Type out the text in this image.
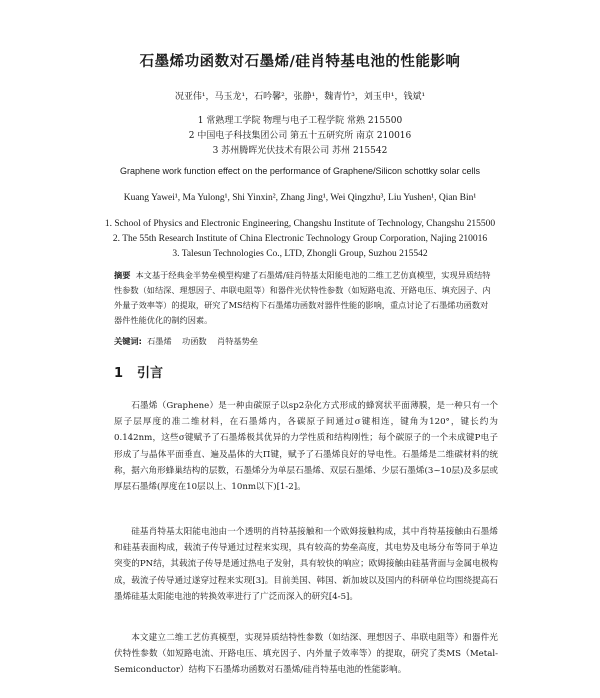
石墨烯功函数对石墨烯/硅肖特基电池的性能影响
况亚伟¹，马玉龙¹，石吟馨²，张静¹，魏青竹³，刘玉申¹，钱斌¹
1 常熟理工学院 物理与电子工程学院 常熟 215500
2 中国电子科技集团公司 第五十五研究所 南京 210016
3 苏州腾晖光伏技术有限公司 苏州 215542
Graphene work function effect on the performance of Graphene/Silicon schottky solar cells
Kuang Yawei¹, Ma Yulong¹, Shi Yinxin², Zhang Jing¹, Wei Qingzhu³, Liu Yushen¹, Qian Bin¹
1. School of Physics and Electronic Engineering, Changshu Institute of Technology, Changshu 215500
2. The 55th Research Institute of China Electronic Technology Group Corporation, Najing 210016
3. Talesun Technologies Co., LTD, Zhongli Group, Suzhou 215542
摘要 本文基于经典金半势垒模型构建了石墨烯/硅肖特基太阳能电池的二维工艺仿真模型，实现异质结特性参数（如结深、理想因子、串联电阻等）和器件光伏特性参数（如短路电流、开路电压、填充因子、内外量子效率等）的提取，研究了MS结构下石墨烯功函数对器件性能的影响，重点讨论了石墨烯功函数对器件性能优化的制约因素。
关键词: 石墨烯    功函数    肖特基势垒
1 引言

石墨烯（Graphene）是一种由碳原子以sp2杂化方式形成的蜂窝状平面薄膜，是一种只有一个原子层厚度的准二维材料，在石墨烯内，各碳原子间通过σ键相连，键角为120°，键长约为0.142nm，这些σ键赋予了石墨烯极其优异的力学性质和结构刚性；每个碳原子的一个未成键P电子形成了与晶体平面垂直、遍及晶体的大Π键，赋予了石墨烯良好的导电性。石墨烯是二维碳材料的统称，据六角形蜂巢结构的层数，石墨烯分为单层石墨烯、双层石墨烯、少层石墨烯(3~10层)及多层或厚层石墨烯(厚度在10层以上、10nm以下)[1-2]。

硅基肖特基太阳能电池由一个透明的肖特基接触和一个欧姆接触构成，其中肖特基接触由石墨烯和硅基表面构成，载流子传导通过过程来实现，具有较高的势垒高度，其电势及电场分布等同于单边突变的PN结，其载流子传导是通过热电子发射，具有较快的响应；欧姆接触由硅基背面与金属电极构成，载流子传导通过遂穿过程来实现[3]。目前美国、韩国、新加坡以及国内的科研单位均围绕提高石墨烯硅基太阳能电池的转换效率进行了广泛而深入的研究[4-5]。

本文建立二维工艺仿真模型，实现异质结特性参数（如结深、理想因子、串联电阻等）和器件光伏特性参数（如短路电流、开路电压、填充因子、内外量子效率等）的提取，研究了类MS（Metal-Semiconductor）结构下石墨烯功函数对石墨烯/硅肖特基电池的性能影响。
